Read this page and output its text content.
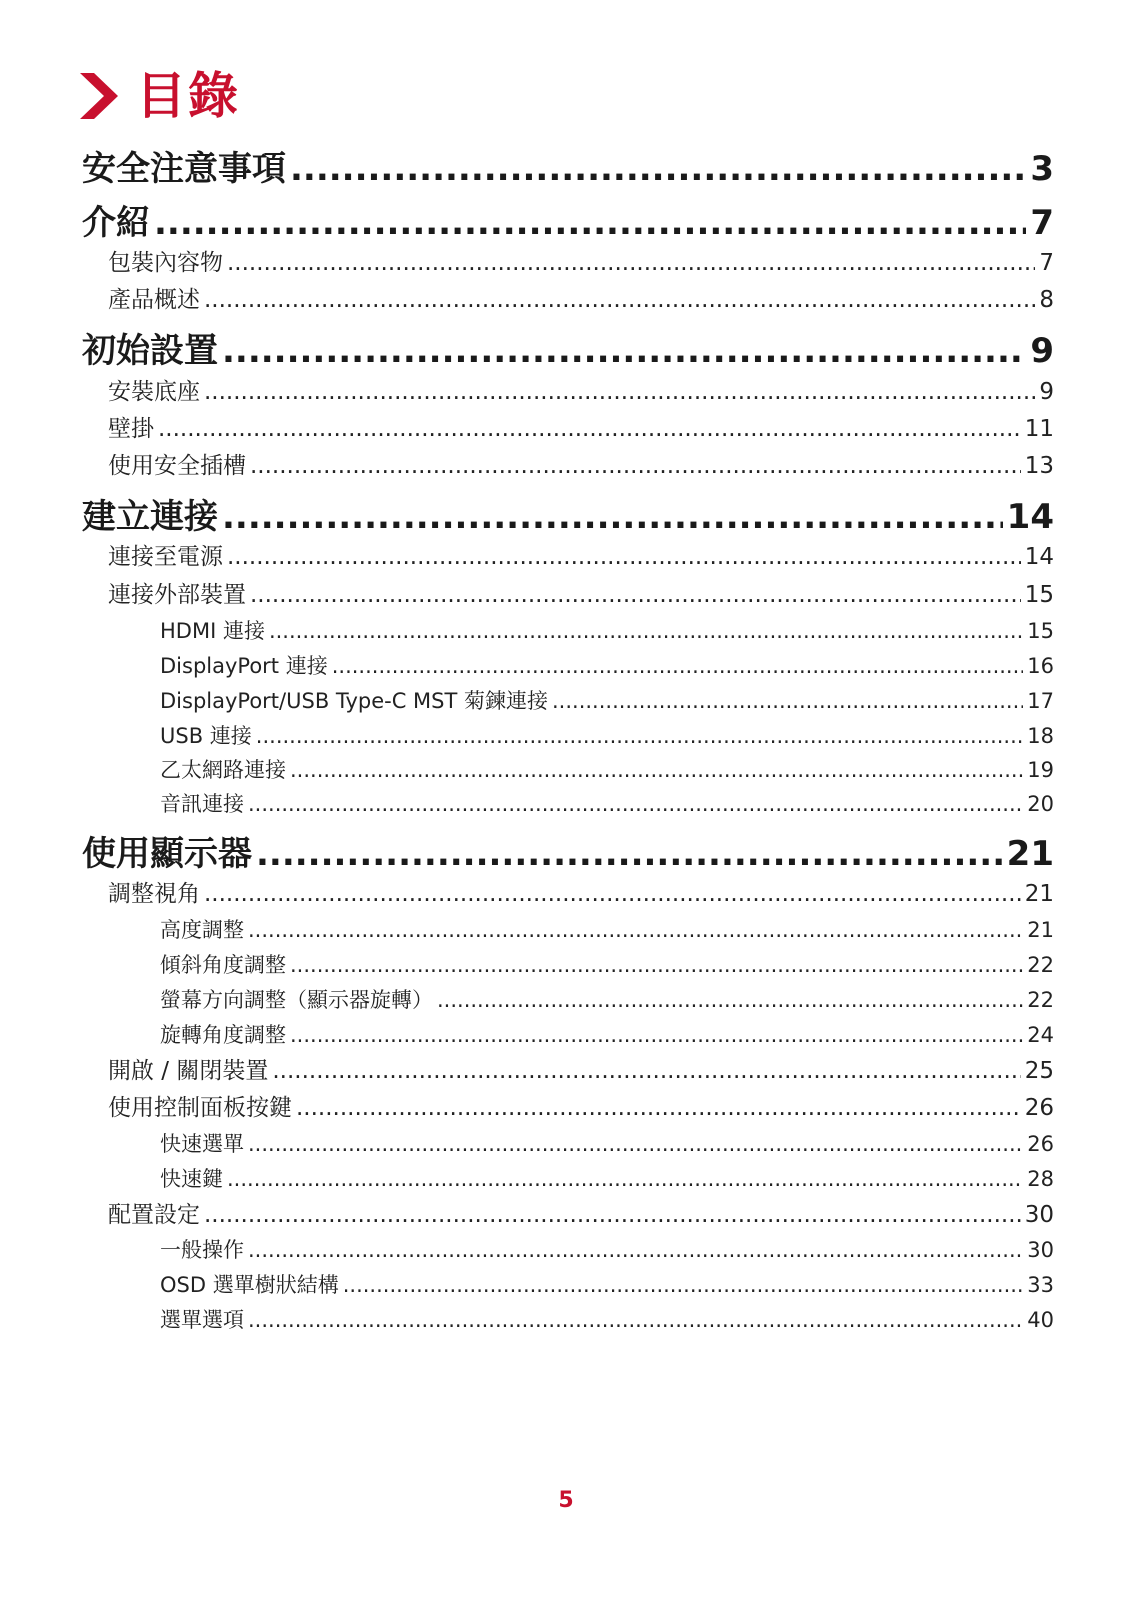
目錄
安全注意事項 .....	3
介紹 .....	7
包裝內容物 .....	7
產品概述 .....	8
初始設置 .....	9
安裝底座 .....	9
壁掛 .....	11
使用安全插槽 .....	13
建立連接 .....	14
連接至電源 .....	14
連接外部裝置 .....	15
HDMI 連接 .....	15
DisplayPort 連接 .....	16
DisplayPort/USB Type-C MST 菊鍊連接 .....	17
USB 連接 .....	18
乙太網路連接 .....	19
音訊連接 .....	20
使用顯示器 .....	21
調整視角 .....	21
高度調整 .....	21
傾斜角度調整 .....	22
螢幕方向調整（顯示器旋轉） .....	22
旋轉角度調整 .....	24
開啟 / 關閉裝置 .....	25
使用控制面板按鍵 .....	26
快速選單 .....	26
快速鍵 .....	28
配置設定 .....	30
一般操作 .....	30
OSD 選單樹狀結構 .....	33
選單選項 .....	40
5
